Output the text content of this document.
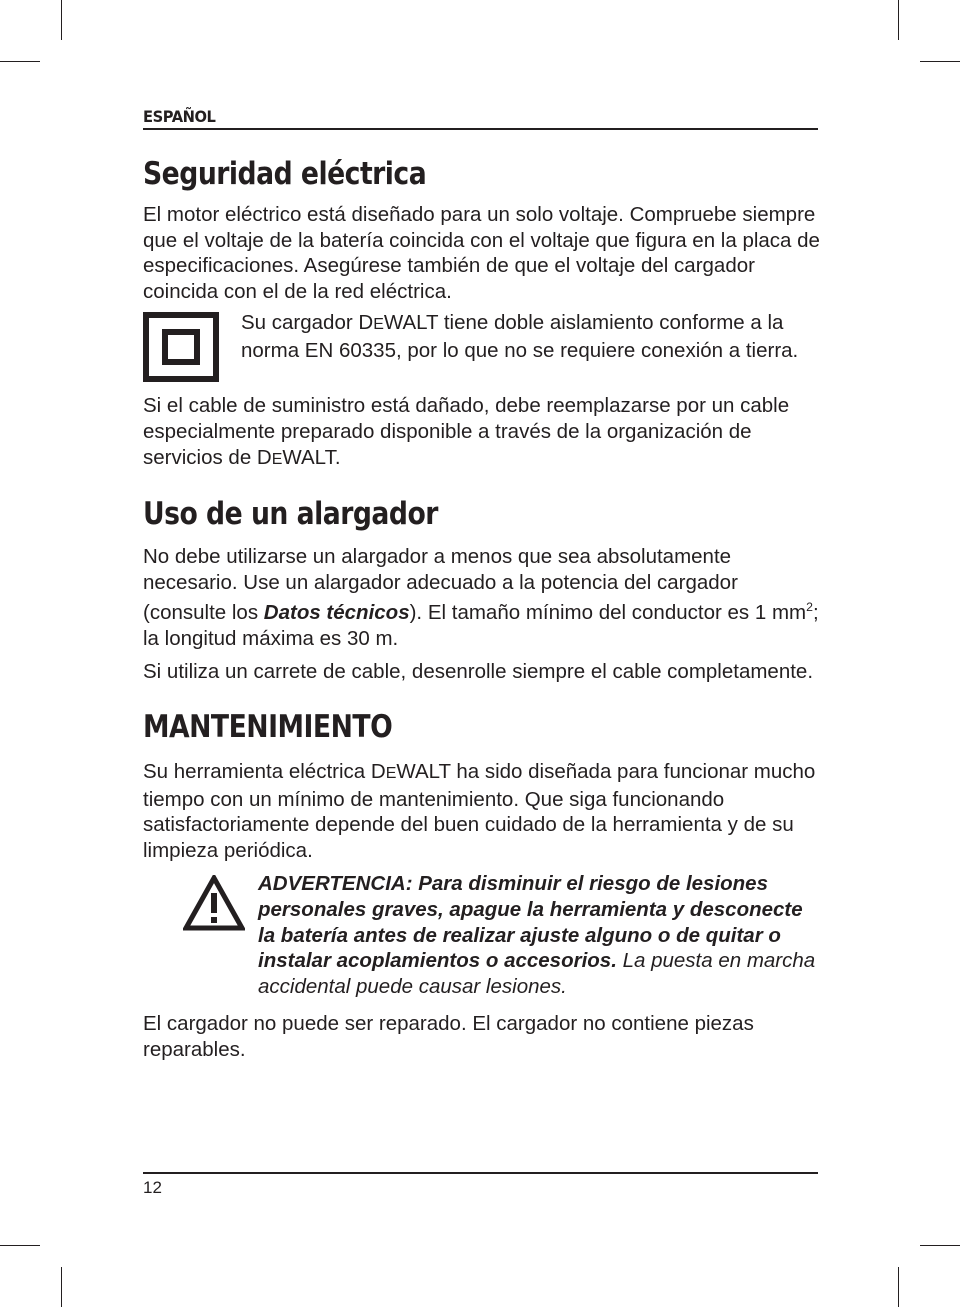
ESPAÑOL
Seguridad eléctrica

El motor eléctrico está diseñado para un solo voltaje. Compruebe siempre que el voltaje de la batería coincida con el voltaje que figura en la placa de especificaciones. Asegúrese también de que el voltaje del cargador coincida con el de la red eléctrica.

Su cargador DEWALT tiene doble aislamiento conforme a la norma EN 60335, por lo que no se requiere conexión a tierra.

Si el cable de suministro está dañado, debe reemplazarse por un cable especialmente preparado disponible a través de la organización de servicios de DEWALT.

Uso de un alargador

No debe utilizarse un alargador a menos que sea absolutamente necesario. Use un alargador adecuado a la potencia del cargador (consulte los Datos técnicos). El tamaño mínimo del conductor es 1 $mm^2$; la longitud máxima es 30 m.

Si utiliza un carrete de cable, desenrolle siempre el cable completamente.

MANTENIMIENTO

Su herramienta eléctrica DEWALT ha sido diseñada para funcionar mucho tiempo con un mínimo de mantenimiento. Que siga funcionando satisfactoriamente depende del buen cuidado de la herramienta y de su limpieza periódica.

ADVERTENCIA: Para disminuir el riesgo de lesiones personales graves, apague la herramienta y desconecte la batería antes de realizar ajuste alguno o de quitar o instalar acoplamientos o accesorios. La puesta en marcha accidental puede causar lesiones.

El cargador no puede ser reparado. El cargador no contiene piezas reparables.

12
